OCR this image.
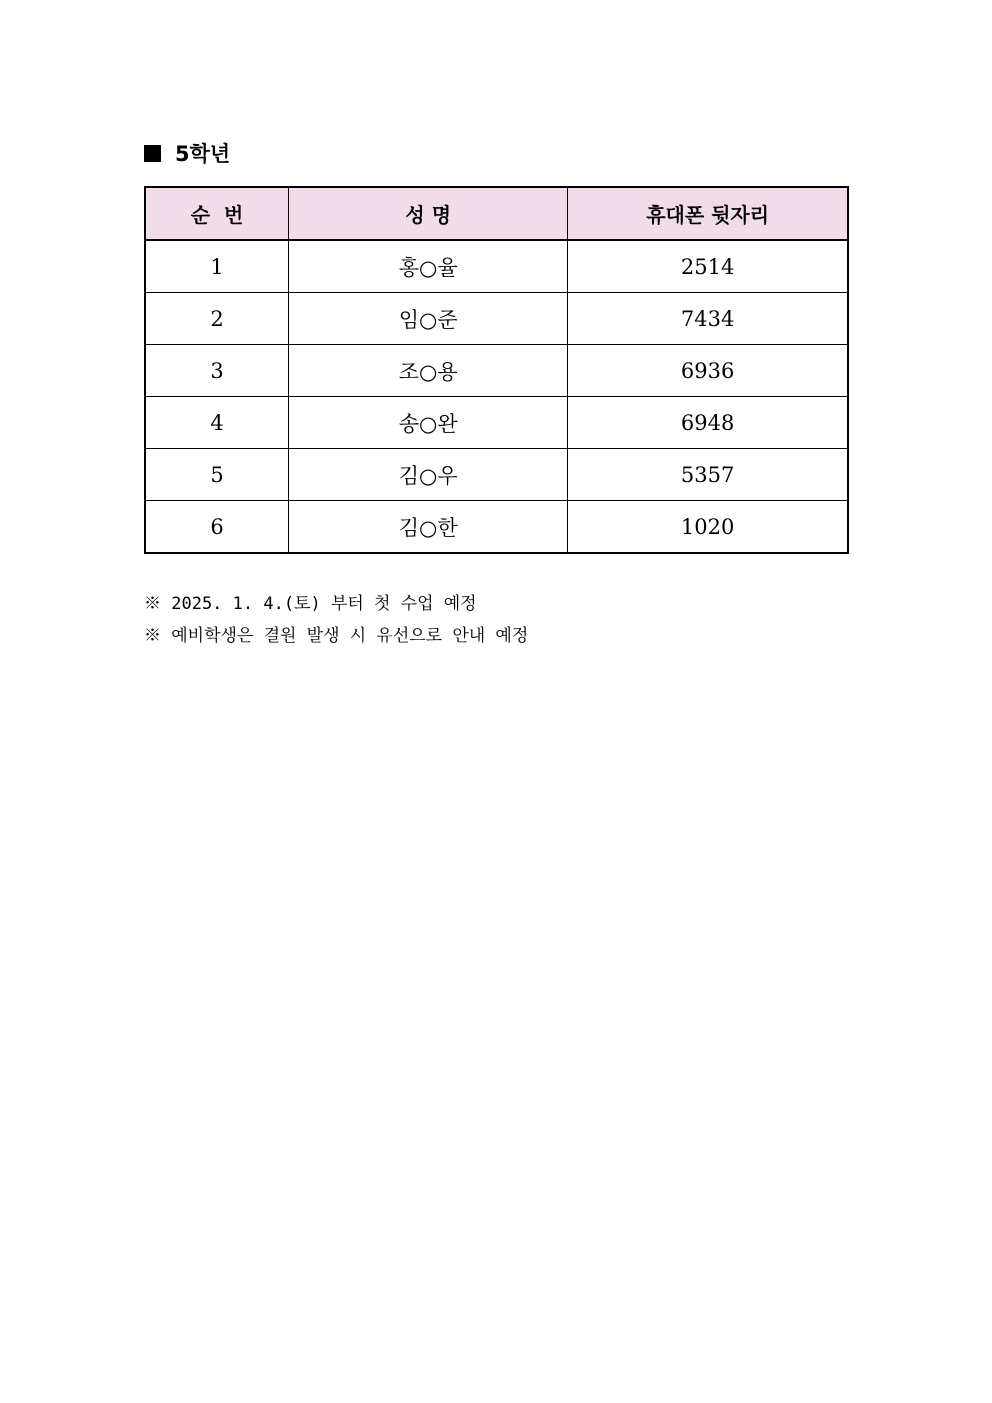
5학년
순  번	성 명	휴대폰 뒷자리
1	홍○율	2514
2	임○준	7434
3	조○용	6936
4	송○완	6948
5	김○우	5357
6	김○한	1020
※ 2025. 1. 4.(토) 부터 첫 수업 예정
※ 예비학생은 결원 발생 시 유선으로 안내 예정
